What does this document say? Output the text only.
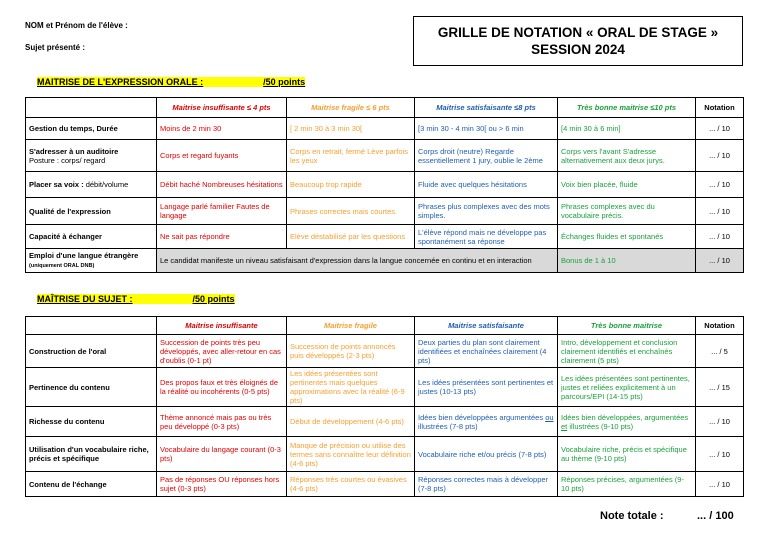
NOM et Prénom de l'élève :
Sujet présenté :
GRILLE DE NOTATION « ORAL DE STAGE »
SESSION 2024
MAITRISE DE L'EXPRESSION ORALE :	/50 points
	Maitrise insuffisante ≤ 4 pts	Maitrise fragile ≤ 6 pts	Maitrise satisfaisante ≤8 pts	Très bonne maitrise ≤10 pts	Notation
Gestion du temps, Durée	Moins de 2 min 30	[ 2 min 30 à 3 min 30[	[3 min 30 - 4 min 30[ ou > 6 min	[4 min 30 à 6 min]	... / 10
S'adresser à un auditoire
Posture : corps/ regard	Corps et regard fuyants	Corps en retrait, fermé Lève parfois les yeux	Corps droit (neutre) Regarde essentiellement 1 jury, oublie le 2ème	Corps vers l'avant S'adresse alternativement aux deux jurys.	... / 10
Placer sa voix : débit/volume	Débit haché Nombreuses hésitations	Beaucoup trop rapide	Fluide avec quelques hésitations	Voix bien placée, fluide	... / 10
Qualité de l'expression	Langage parlé familier Fautes de langage	Phrases correctes mais courtes.	Phrases plus complexes avec des mots simples.	Phrases complexes avec du vocabulaire précis.	... / 10
Capacité à échanger	Ne sait pas répondre	Elève déstabilisé par les questions	L'élève répond mais ne développe pas spontanément sa réponse	Échanges fluides et spontanés	... / 10
Emploi d'une langue étrangère (uniquement ORAL DNB)	Le candidat manifeste un niveau satisfaisant d'expression dans la langue concernée en continu et en interaction			Bonus de 1 à 10	... / 10
MAÎTRISE DU SUJET :	/50 points
	Maitrise insuffisante	Maitrise fragile	Maitrise satisfaisante	Très bonne maitrise	Notation
Construction de l'oral	Succession de points très peu développés, avec aller-retour en cas d'oublis (0-1 pt)	Succession de points annoncés puis développés (2-3 pts)	Deux parties du plan sont clairement identifiées et enchaînées clairement (4 pts)	Intro, développement et conclusion clairement identifiés et enchaînés clairement (5 pts)	... / 5
Pertinence du contenu	Des propos faux et très éloignés de la réalité ou incohérents (0-5 pts)	Les idées présentées sont pertinentes mais quelques approximations avec la réalité (6-9 pts)	Les idées présentées sont pertinentes et justes (10-13 pts)	Les idées présentées sont pertinentes, justes et reliées explicitement à un parcours/EPI (14-15 pts)	... / 15
Richesse du contenu	Thème annoncé mais pas ou très peu développé (0-3 pts)	Début de développement (4-6 pts)	Idées bien développées argumentées ou illustrées (7-8 pts)	Idées bien développées, argumentées et illustrées (9-10 pts)	... / 10
Utilisation d'un vocabulaire riche, précis et spécifique	Vocabulaire du langage courant (0-3 pts)	Manque de précision ou utilise des termes sans connaître leur définition (4-6 pts)	Vocabulaire riche et/ou précis (7-8 pts)	Vocabulaire riche, précis et spécifique au thème (9-10 pts)	... / 10
Contenu de l'échange	Pas de réponses OU réponses hors sujet (0-3 pts)	Réponses très courtes ou évasives (4-6 pts)	Réponses correctes mais à développer (7-8 pts)	Réponses précises, argumentées (9-10 pts)	... / 10
Note totale :	... / 100
